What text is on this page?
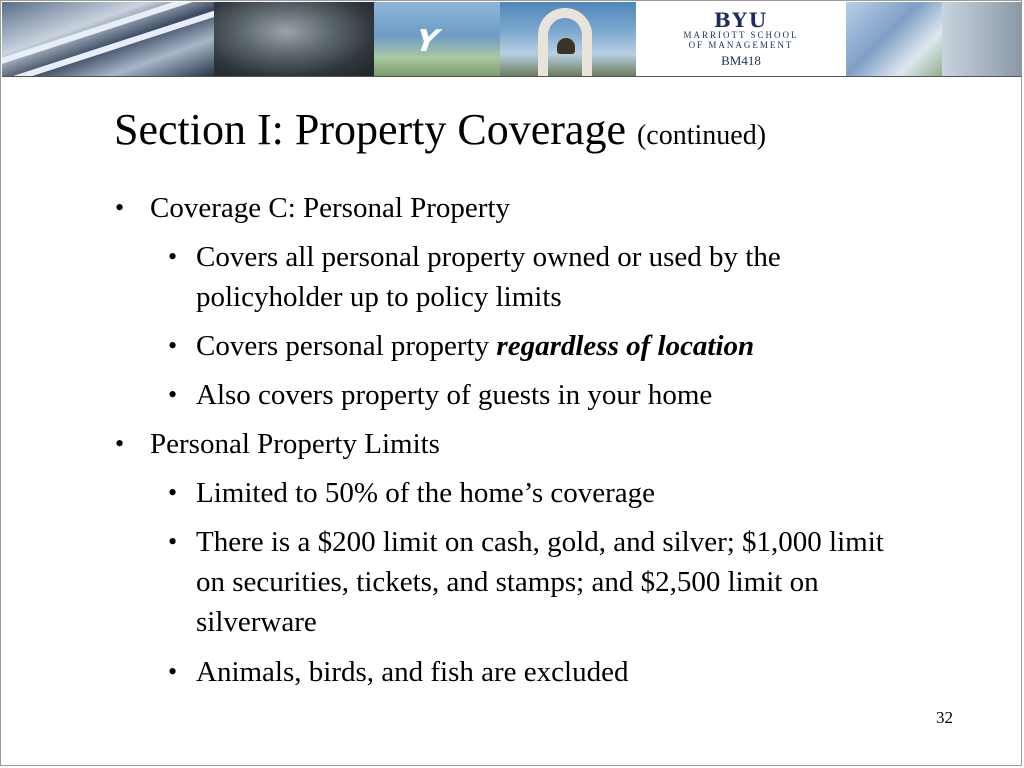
Y
BYU
MARRIOTT SCHOOL
OF MANAGEMENT
BM418
Section I: Property Coverage (continued)
• Coverage C: Personal Property
• Covers all personal property owned or used by the policyholder up to policy limits
• Covers personal property regardless of location
• Also covers property of guests in your home
• Personal Property Limits
• Limited to 50% of the home’s coverage
• There is a $200 limit on cash, gold, and silver; $1,000 limit on securities, tickets, and stamps; and $2,500 limit on silverware
• Animals, birds, and fish are excluded
32
